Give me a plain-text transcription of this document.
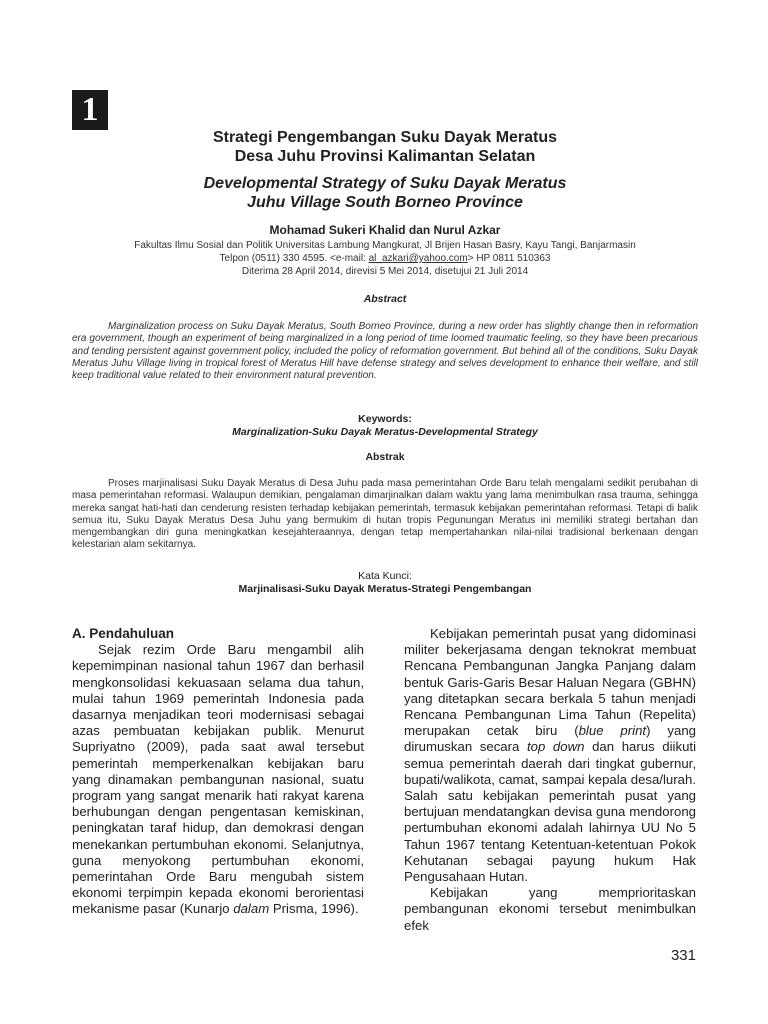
1
Strategi Pengembangan Suku Dayak Meratus
Desa Juhu Provinsi Kalimantan Selatan
Developmental Strategy of Suku Dayak Meratus
Juhu Village South Borneo Province
Mohamad Sukeri Khalid dan Nurul Azkar
Fakultas Ilmu Sosial dan Politik Universitas Lambung Mangkurat, Jl Brijen Hasan Basry, Kayu Tangi, Banjarmasin
Telpon (0511) 330 4595. <e-mail: al_azkari@yahoo.com> HP 0811 510363
Diterima 28 April 2014, direvisi 5 Mei 2014, disetujui 21 Juli 2014
Abstract
Marginalization process on Suku Dayak Meratus, South Borneo Province, during a new order has slightly change then in reformation era government, though an experiment of being marginalized in a long period of time loomed traumatic feeling, so they have been precarious and tending persistent against government policy, included the policy of reformation government. But behind all of the conditions, Suku Dayak Meratus Juhu Village living in tropical forest of Meratus Hill have defense strategy and selves development to enhance their welfare, and still keep traditional value related to their environment natural prevention.
Keywords:
Marginalization-Suku Dayak Meratus-Developmental Strategy
Abstrak
Proses marjinalisasi Suku Dayak Meratus di Desa Juhu pada masa pemerintahan Orde Baru telah mengalami sedikit perubahan di masa pemerintahan reformasi. Walaupun demikian, pengalaman dimarjinalkan dalam waktu yang lama menimbulkan rasa trauma, sehingga mereka sangat hati-hati dan cenderung resisten terhadap kebijakan pemerintah, termasuk kebijakan pemerintahan reformasi. Tetapi di balik semua itu, Suku Dayak Meratus Desa Juhu yang bermukim di hutan tropis Pegunungan Meratus ini memiliki strategi bertahan dan mengembangkan diri guna meningkatkan kesejahteraannya, dengan tetap mempertahankan nilai-nilai tradisional berkenaan dengan kelestarian alam sekitarnya.
Kata Kunci:
Marjinalisasi-Suku Dayak Meratus-Strategi Pengembangan

A. Pendahuluan

Sejak rezim Orde Baru mengambil alih kepemimpinan nasional tahun 1967 dan berhasil mengkonsolidasi kekuasaan selama dua tahun, mulai tahun 1969 pemerintah Indonesia pada dasarnya menjadikan teori modernisasi sebagai azas pembuatan kebijakan publik. Menurut Supriyatno (2009), pada saat awal tersebut pemerintah memperkenalkan kebijakan baru yang dinamakan pembangunan nasional, suatu program yang sangat menarik hati rakyat karena berhubungan dengan pengentasan kemiskinan, peningkatan taraf hidup, dan demokrasi dengan menekankan pertumbuhan ekonomi. Selanjutnya, guna menyokong pertumbuhan ekonomi, pemerintahan Orde Baru mengubah sistem ekonomi terpimpin kepada ekonomi berorientasi mekanisme pasar (Kunarjo dalam Prisma, 1996).

Kebijakan pemerintah pusat yang didominasi militer bekerjasama dengan teknokrat membuat Rencana Pembangunan Jangka Panjang dalam bentuk Garis-Garis Besar Haluan Negara (GBHN) yang ditetapkan secara berkala 5 tahun menjadi Rencana Pembangunan Lima Tahun (Repelita) merupakan cetak biru (blue print) yang dirumuskan secara top down dan harus diikuti semua pemerintah daerah dari tingkat gubernur, bupati/walikota, camat, sampai kepala desa/lurah. Salah satu kebijakan pemerintah pusat yang bertujuan mendatangkan devisa guna mendorong pertumbuhan ekonomi adalah lahirnya UU No 5 Tahun 1967 tentang Ketentuan-ketentuan Pokok Kehutanan sebagai payung hukum Hak Pengusahaan Hutan.

Kebijakan yang memprioritaskan pembangunan ekonomi tersebut menimbulkan efek

331
